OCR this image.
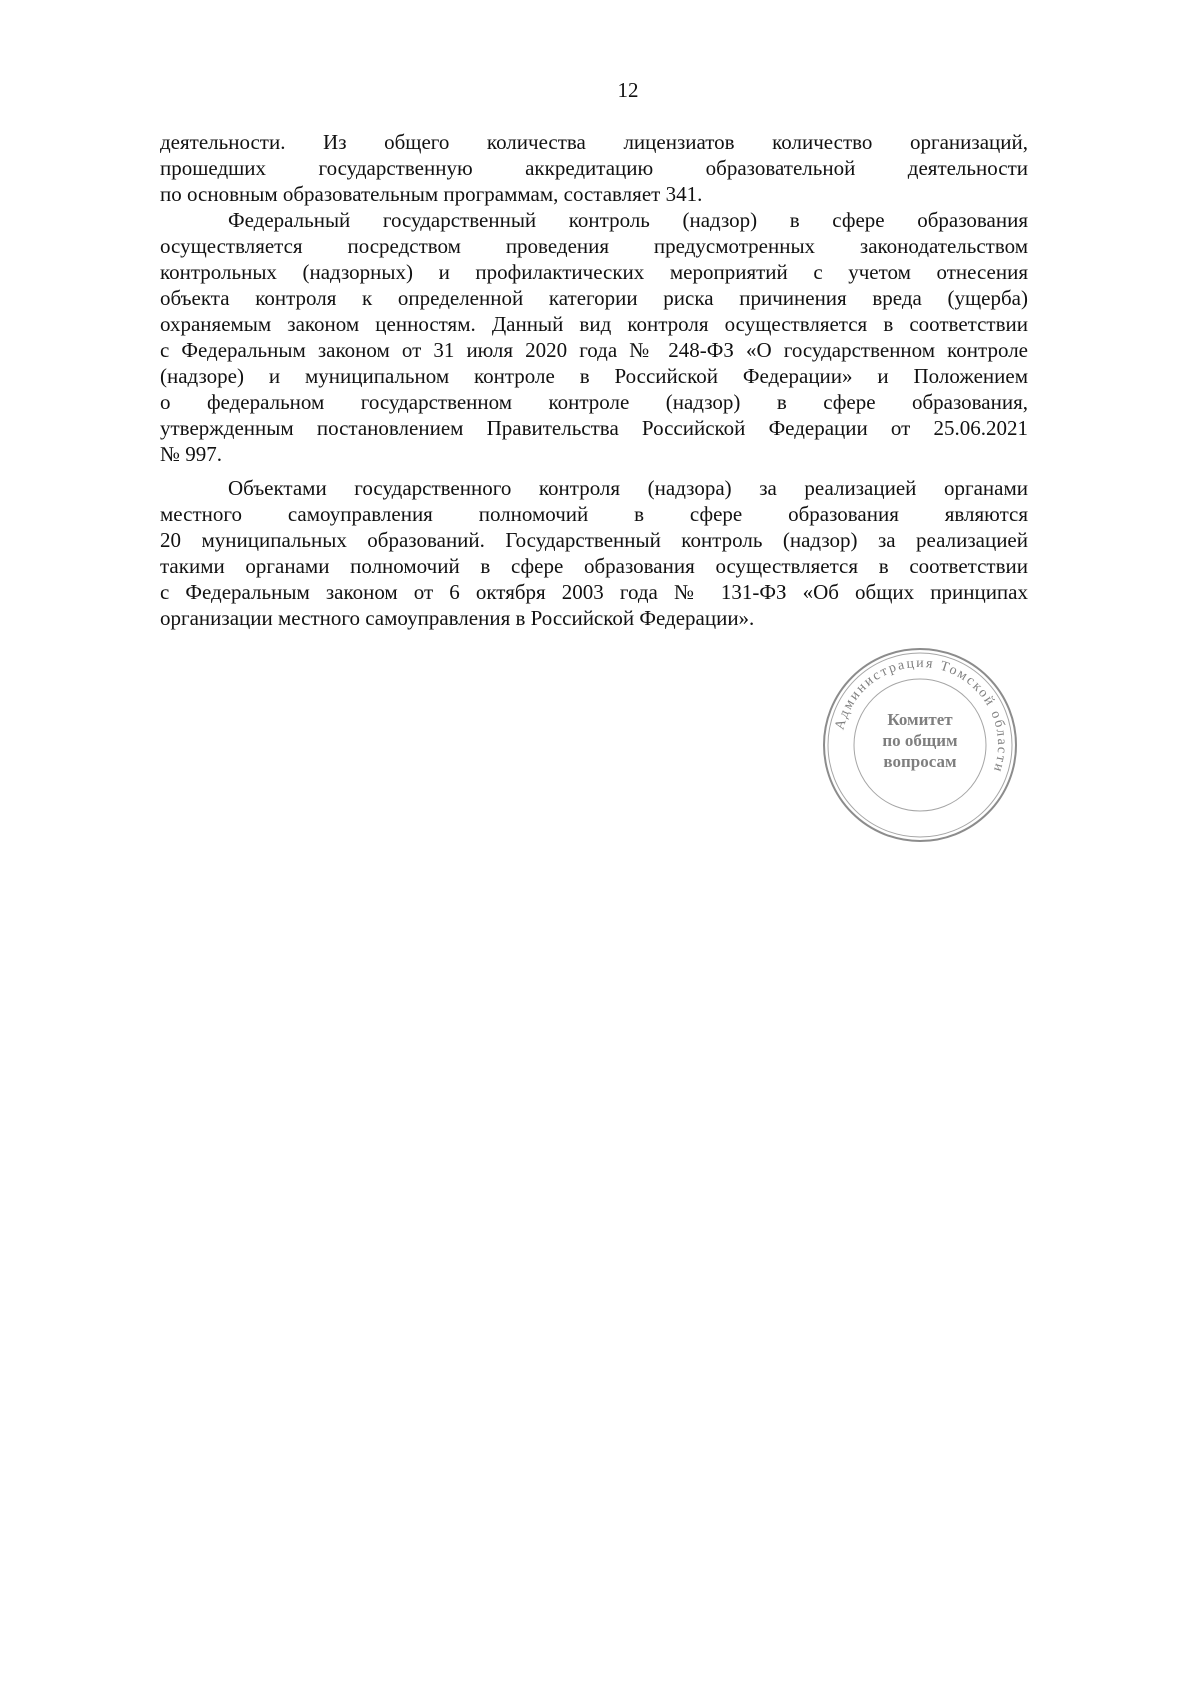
12
деятельности. Из общего количества лицензиатов количество организаций,
прошедших государственную аккредитацию образовательной деятельности
по основным образовательным программам, составляет 341.
Федеральный государственный контроль (надзор) в сфере образования
осуществляется посредством проведения предусмотренных законодательством
контрольных (надзорных) и профилактических мероприятий с учетом отнесения
объекта контроля к определенной категории риска причинения вреда (ущерба)
охраняемым законом ценностям. Данный вид контроля осуществляется в соответствии
с Федеральным законом от 31 июля 2020 года № 248-ФЗ «О государственном контроле
(надзоре) и муниципальном контроле в Российской Федерации» и Положением
о федеральном государственном контроле (надзор) в сфере образования,
утвержденным постановлением Правительства Российской Федерации от 25.06.2021
№ 997.
Объектами государственного контроля (надзора) за реализацией органами
местного самоуправления полномочий в сфере образования являются
20 муниципальных образований. Государственный контроль (надзор) за реализацией
такими органами полномочий в сфере образования осуществляется в соответствии
с Федеральным законом от 6 октября 2003 года № 131-ФЗ «Об общих принципах
организации местного самоуправления в Российской Федерации».
Администрация Томской области
Комитет
по общим
вопросам
